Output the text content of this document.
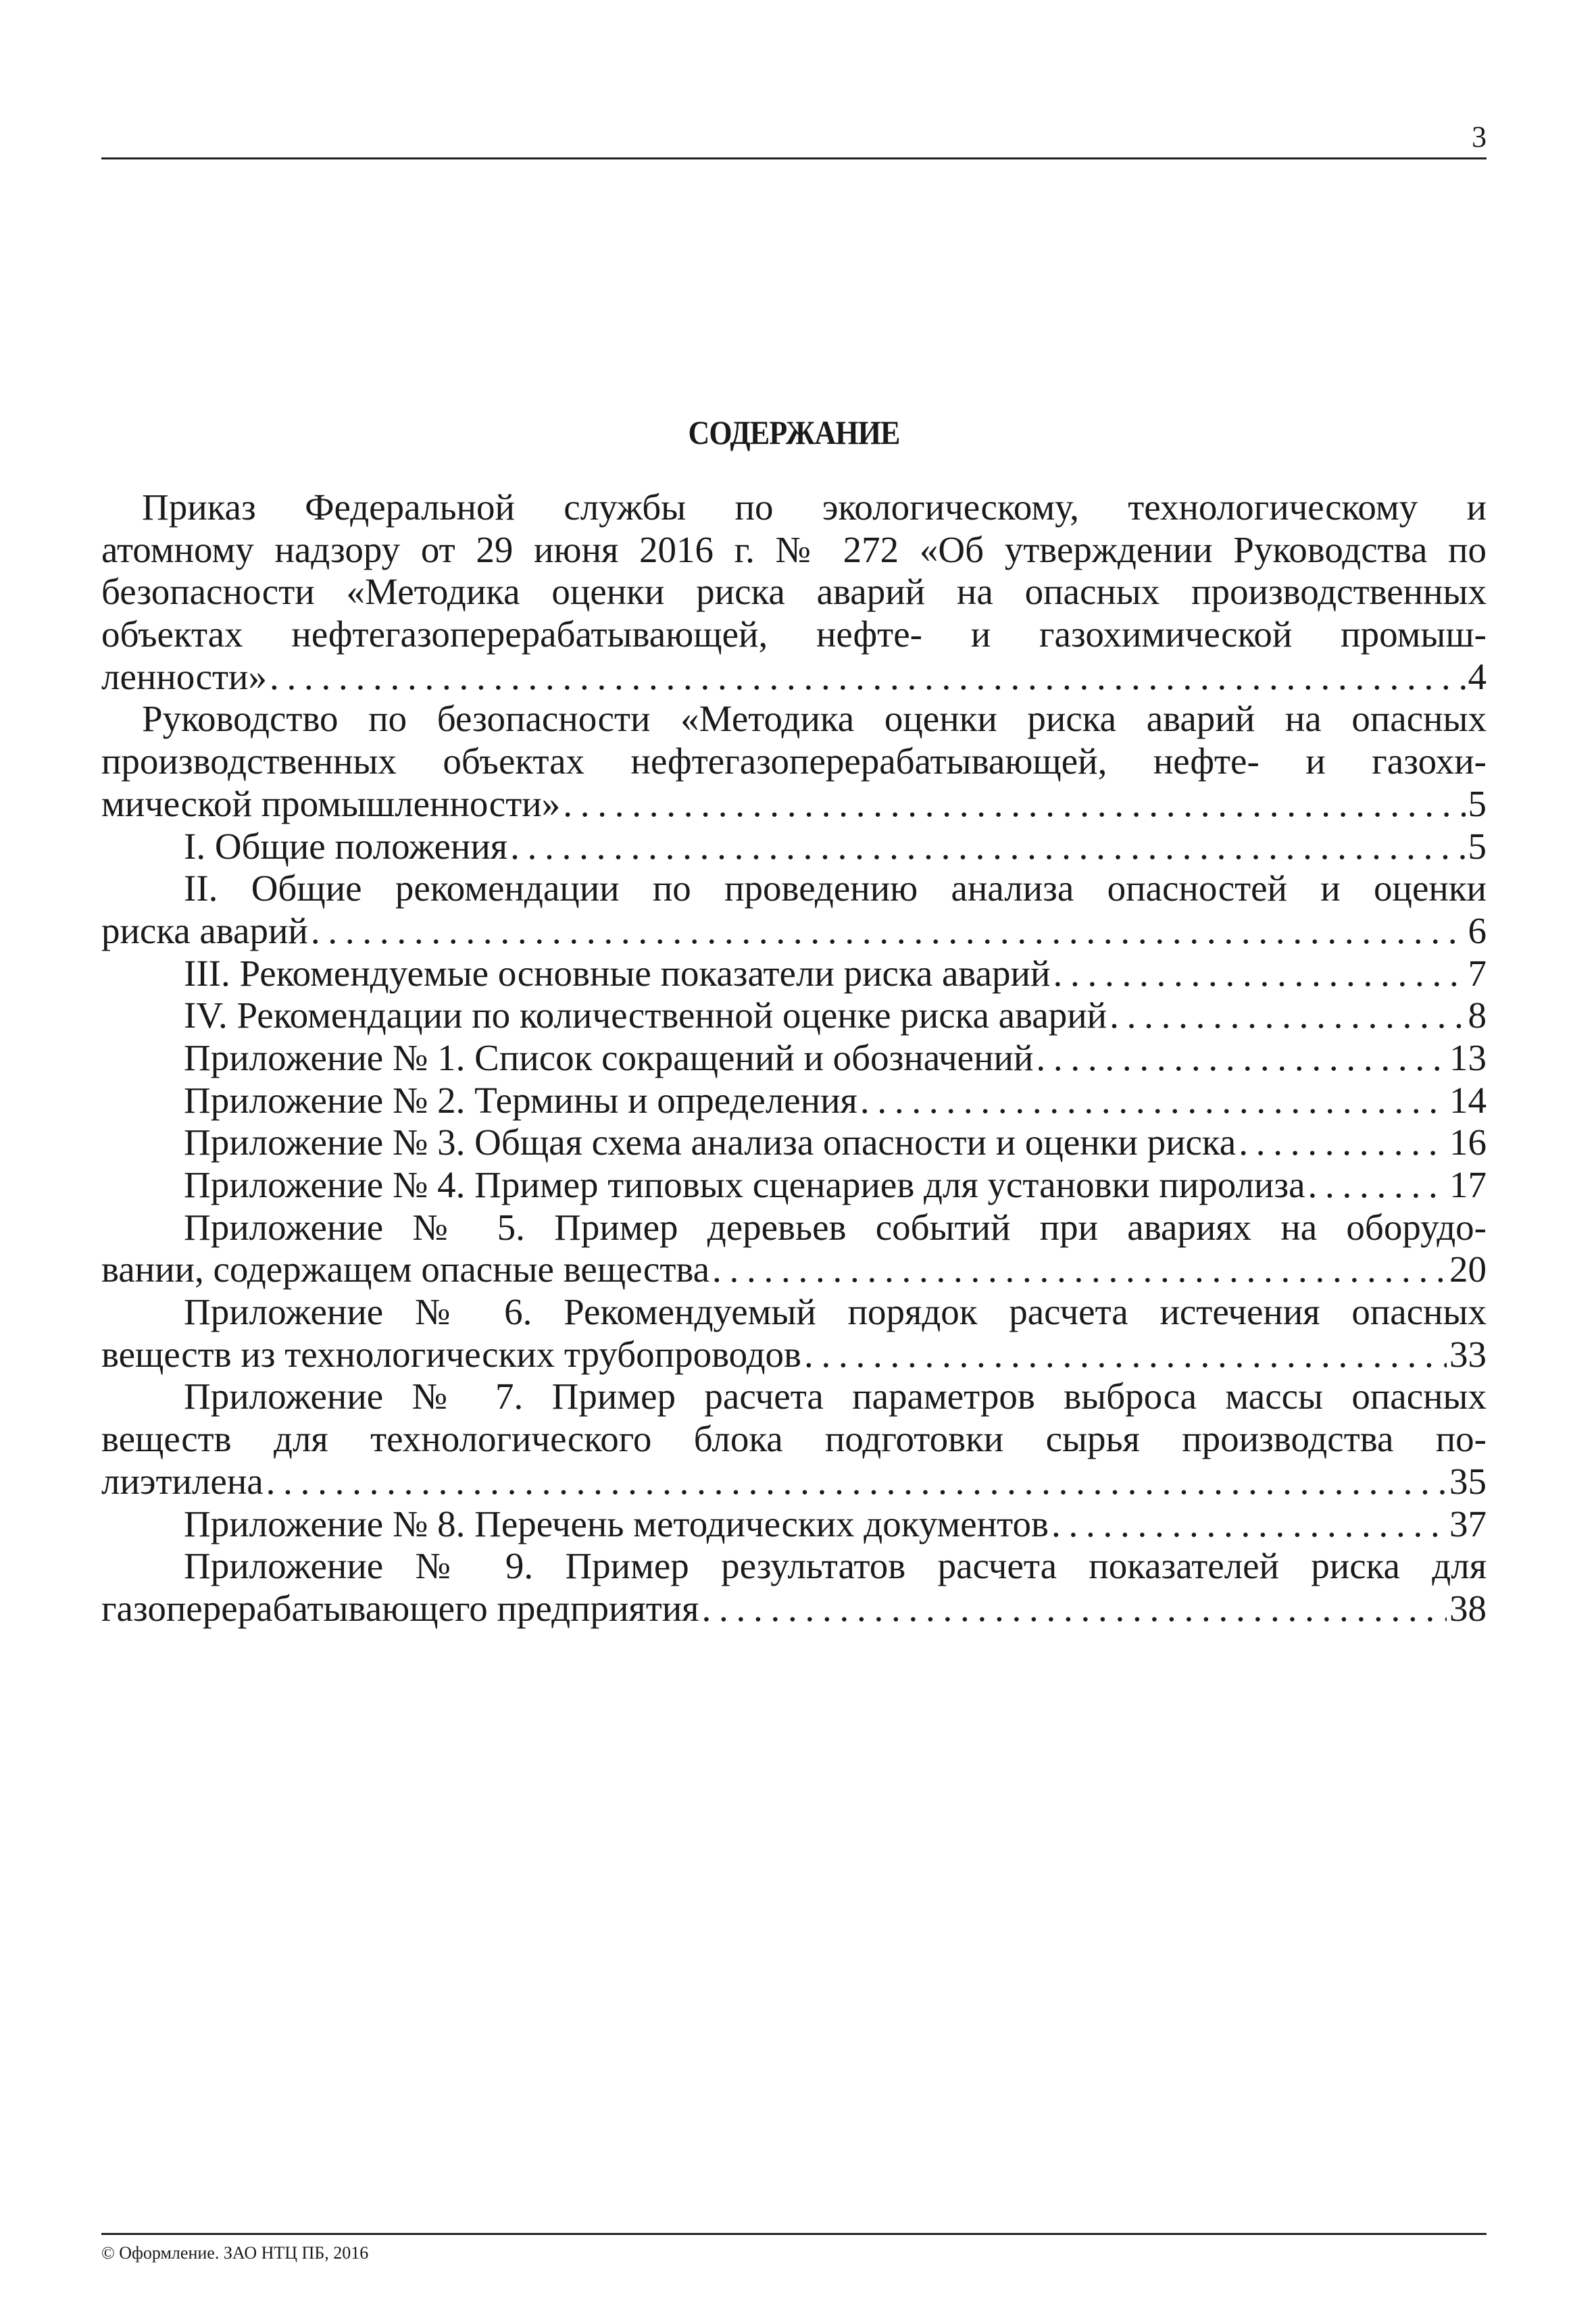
3
СОДЕРЖАНИЕ
Приказ Федеральной службы по экологическому, технологическому и
атомному надзору от 29 июня 2016 г. № 272 «Об утверждении Руководства по
безопасности «Методика оценки риска аварий на опасных производственных
объектах нефтегазоперерабатывающей, нефте- и газохимической промыш-
ленности» . . .	4
Руководство по безопасности «Методика оценки риска аварий на опасных
производственных объектах нефтегазоперерабатывающей, нефте- и газохи-
мической промышленности» . . .	5
I. Общие положения . . .	5
II. Общие рекомендации по проведению анализа опасностей и оценки
риска аварий . . .	6
III. Рекомендуемые основные показатели риска аварий . . .	7
IV. Рекомендации по количественной оценке риска аварий . . .	8
Приложение № 1. Список сокращений и обозначений . . .	13
Приложение № 2. Термины и определения . . .	14
Приложение № 3. Общая схема анализа опасности и оценки риска . . .	16
Приложение № 4. Пример типовых сценариев для установки пиролиза . . .	17
Приложение № 5. Пример деревьев событий при авариях на оборудо-
вании, содержащем опасные вещества . . .	20
Приложение № 6. Рекомендуемый порядок расчета истечения опасных
веществ из технологических трубопроводов . . .	33
Приложение № 7. Пример расчета параметров выброса массы опасных
веществ для технологического блока подготовки сырья производства по-
лиэтилена . . .	35
Приложение № 8. Перечень методических документов . . .	37
Приложение № 9. Пример результатов расчета показателей риска для
газоперерабатывающего предприятия . . .	38
© Оформление. ЗАО НТЦ ПБ, 2016
